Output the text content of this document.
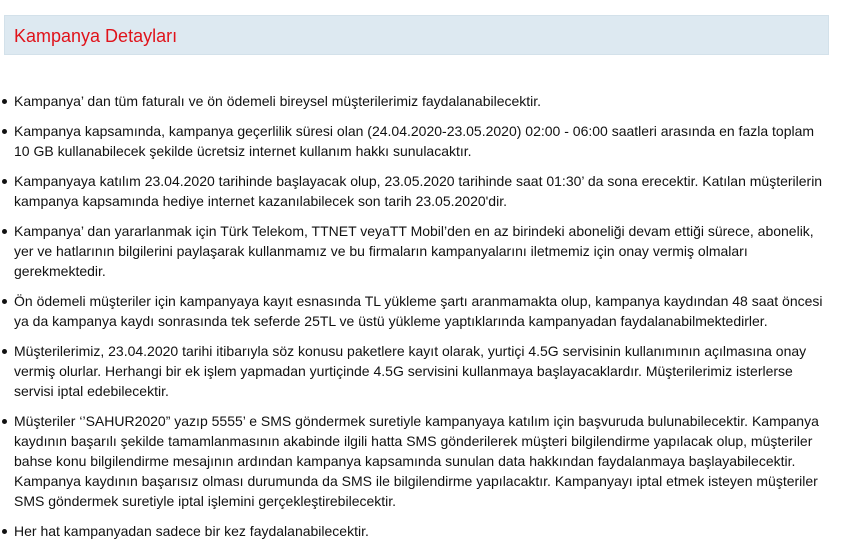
Kampanya Detayları
Kampanya’ dan tüm faturalı ve ön ödemeli bireysel müşterilerimiz faydalanabilecektir.
Kampanya kapsamında, kampanya geçerlilik süresi olan (24.04.2020-23.05.2020) 02:00 - 06:00 saatleri arasında en fazla toplam 10 GB kullanabilecek şekilde ücretsiz internet kullanım hakkı sunulacaktır.
Kampanyaya katılım 23.04.2020 tarihinde başlayacak olup, 23.05.2020 tarihinde saat 01:30’ da sona erecektir. Katılan müşterilerin kampanya kapsamında hediye internet kazanılabilecek son tarih 23.05.2020'dir.
Kampanya’ dan yararlanmak için Türk Telekom, TTNET veyaTT Mobil’den en az birindeki aboneliği devam ettiği sürece, abonelik, yer ve hatlarının bilgilerini paylaşarak kullanmamız ve bu firmaların kampanyalarını iletmemiz için onay vermiş olmaları gerekmektedir.
Ön ödemeli müşteriler için kampanyaya kayıt esnasında TL yükleme şartı aranmamakta olup, kampanya kaydından 48 saat öncesi ya da kampanya kaydı sonrasında tek seferde 25TL ve üstü yükleme yaptıklarında kampanyadan faydalanabilmektedirler.
Müşterilerimiz, 23.04.2020 tarihi itibarıyla söz konusu paketlere kayıt olarak, yurtiçi 4.5G servisinin kullanımının açılmasına onay vermiş olurlar. Herhangi bir ek işlem yapmadan yurtiçinde 4.5G servisini kullanmaya başlayacaklardır. Müşterilerimiz isterlerse servisi iptal edebilecektir.
Müşteriler ‘’SAHUR2020” yazıp 5555’ e SMS göndermek suretiyle kampanyaya katılım için başvuruda bulunabilecektir. Kampanya kaydının başarılı şekilde tamamlanmasının akabinde ilgili hatta SMS gönderilerek müşteri bilgilendirme yapılacak olup, müşteriler bahse konu bilgilendirme mesajının ardından kampanya kapsamında sunulan data hakkından faydalanmaya başlayabilecektir. Kampanya kaydının başarısız olması durumunda da SMS ile bilgilendirme yapılacaktır. Kampanyayı iptal etmek isteyen müşteriler SMS göndermek suretiyle iptal işlemini gerçekleştirebilecektir.
Her hat kampanyadan sadece bir kez faydalanabilecektir.
